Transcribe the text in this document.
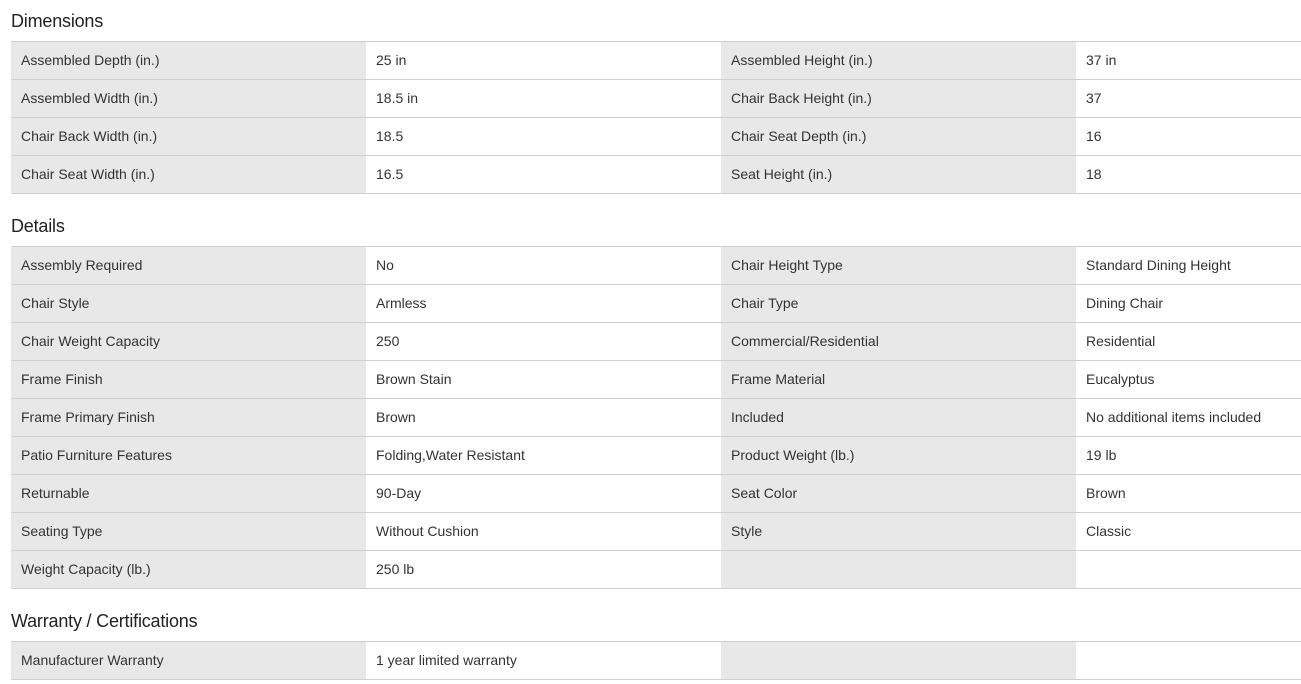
Dimensions
Assembled Depth (in.)	25 in	Assembled Height (in.)	37 in
Assembled Width (in.)	18.5 in	Chair Back Height (in.)	37
Chair Back Width (in.)	18.5	Chair Seat Depth (in.)	16
Chair Seat Width (in.)	16.5	Seat Height (in.)	18
Details
Assembly Required	No	Chair Height Type	Standard Dining Height
Chair Style	Armless	Chair Type	Dining Chair
Chair Weight Capacity	250	Commercial/Residential	Residential
Frame Finish	Brown Stain	Frame Material	Eucalyptus
Frame Primary Finish	Brown	Included	No additional items included
Patio Furniture Features	Folding,Water Resistant	Product Weight (lb.)	19 lb
Returnable	90-Day	Seat Color	Brown
Seating Type	Without Cushion	Style	Classic
Weight Capacity (lb.)	250 lb
Warranty / Certifications
Manufacturer Warranty	1 year limited warranty
